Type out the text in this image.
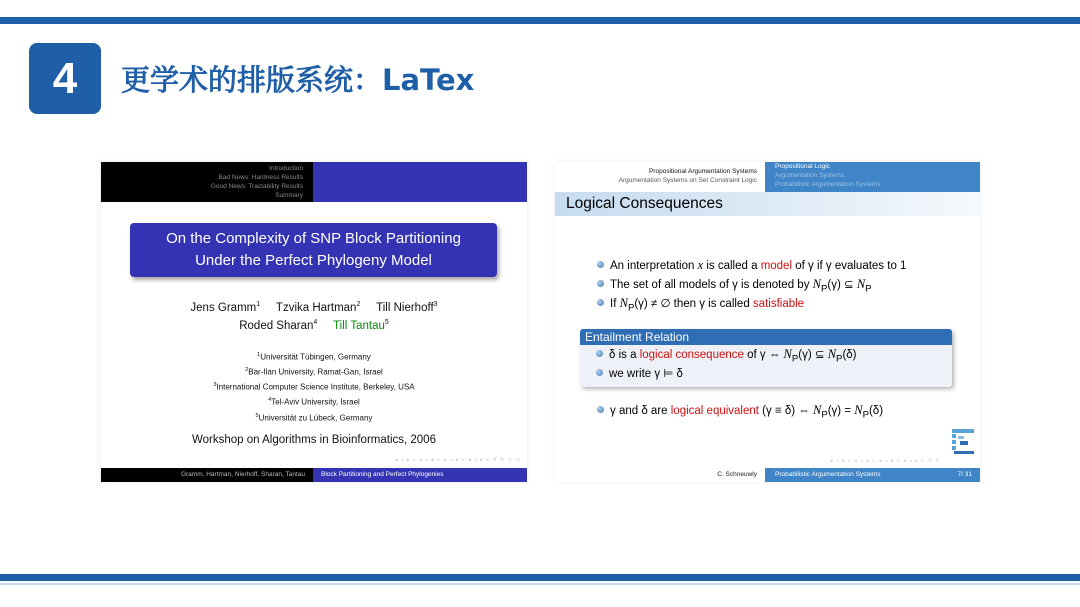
4	更学术的排版系统：LaTex
Introduction
Bad News: Hardness Results
Good News: Tractability Results
Summary
On the Complexity of SNP Block Partitioning
Under the Perfect Phylogeny Model
Jens Gramm$^1$ Tzvika Hartman$^2$ Till Nierhoff$^3$
Roded Sharan$^4$ Till Tantau$^5$
$^1$Universität Tübingen, Germany
$^2$Bar-Ilan University, Ramat-Gan, Israel
$^3$International Computer Science Institute, Berkeley, USA
$^4$Tel-Aviv University, Israel
$^5$Universität zu Lübeck, Germany
Workshop on Algorithms in Bioinformatics, 2006
◂ ◃ ▸ ▹ ◂ ◃ ▸ ▹ ◂ ◃ ▸ ▹ ◂ ◃ ▸ ▹ ↺ ↻ ⊂ ⊃
Gramm, Hartman, Nierhoff, Sharan, Tantau	Block Partitioning and Perfect Phylogenies
Propositional Argumentation Systems
Argumentation Systems on Set Constraint Logic
Propositional Logic
Argumentation Systems
Probabilistic Argumentation Systems
Logical Consequences
An interpretation x is called a model of γ if γ evaluates to 1
The set of all models of γ is denoted by $N_P(\gamma)$ ⊆ $N_P$
If $N_P(\gamma)$ ≠ ∅ then γ is called satisfiable
Entailment Relation
δ is a logical consequence of γ ⇔ $N_P(\gamma)$ ⊆ $N_P(\delta)$
we write γ ⊨ δ
γ and δ are logical equivalent (γ ≡ δ) ⇔ $N_P(\gamma) = N_P(\delta)$
◂ ◃ ▸ ▹ ◂ ◃ ▸ ▹ ◂ ◃ ▸ ▹ ◂ ◃ ▸ ▹ ↺ ↻
C. Schneuwly	Probabilistic Argumentation Systems	7/ 31
